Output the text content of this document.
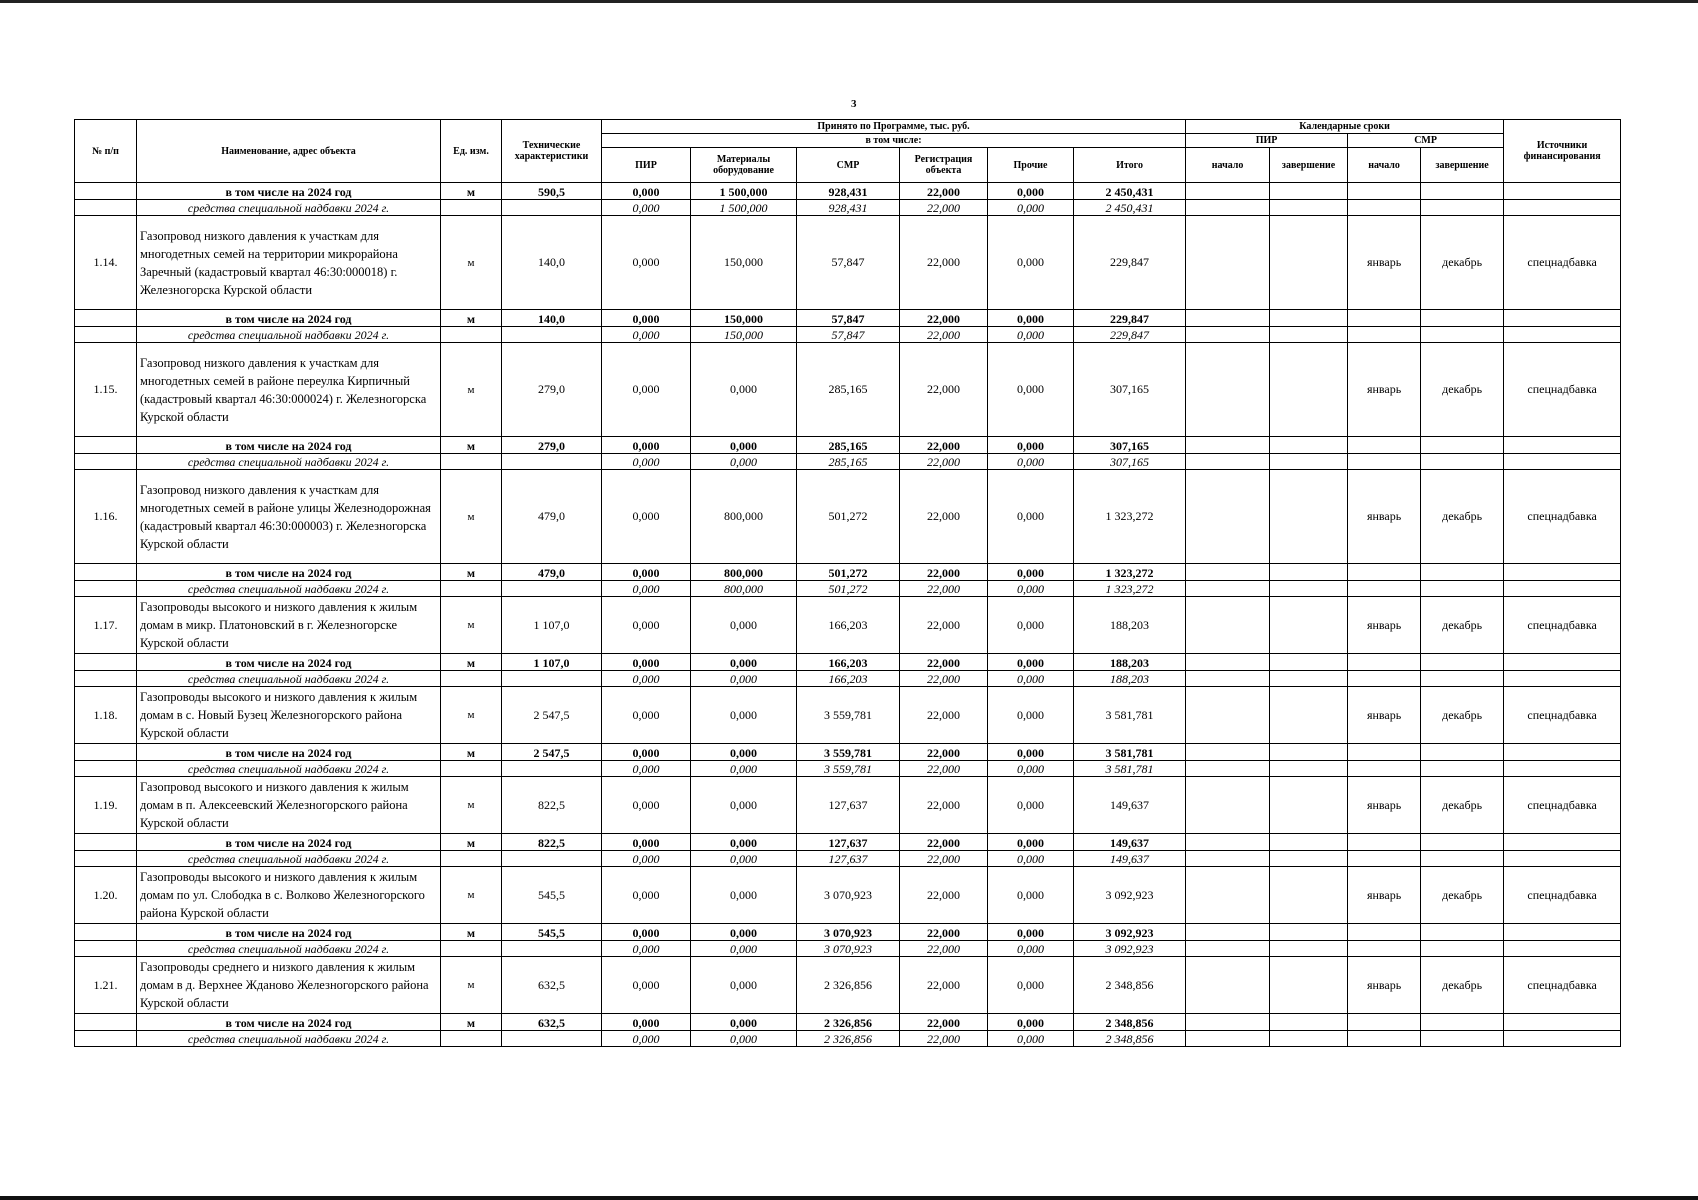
3
№ п/п	Наименование, адрес объекта	Ед. изм.	Технические характеристики	Принято по Программе, тыс. руб.						Календарные сроки				Источники финансирования
				в том числе:						ПИР		СМР		
				ПИР	Материалы оборудование	СМР	Регистрация объекта	Прочие	Итого	начало	завершение	начало	завершение	
	в том числе на 2024 год	м	590,5	0,000	1 500,000	928,431	22,000	0,000	2 450,431					
	средства специальной надбавки 2024 г.			0,000	1 500,000	928,431	22,000	0,000	2 450,431					
1.14.	Газопровод низкого давления к участкам для многодетных семей на территории микрорайона Заречный (кадастровый квартал 46:30:000018) г. Железногорска Курской области	м	140,0	0,000	150,000	57,847	22,000	0,000	229,847			январь	декабрь	спецнадбавка
	в том числе на 2024 год	м	140,0	0,000	150,000	57,847	22,000	0,000	229,847					
	средства специальной надбавки 2024 г.			0,000	150,000	57,847	22,000	0,000	229,847					
1.15.	Газопровод низкого давления к участкам для многодетных семей в районе переулка Кирпичный (кадастровый квартал 46:30:000024) г. Железногорска Курской области	м	279,0	0,000	0,000	285,165	22,000	0,000	307,165			январь	декабрь	спецнадбавка
	в том числе на 2024 год	м	279,0	0,000	0,000	285,165	22,000	0,000	307,165					
	средства специальной надбавки 2024 г.			0,000	0,000	285,165	22,000	0,000	307,165					
1.16.	Газопровод низкого давления к участкам для многодетных семей в районе улицы Железнодорожная (кадастровый квартал 46:30:000003) г. Железногорска Курской области	м	479,0	0,000	800,000	501,272	22,000	0,000	1 323,272			январь	декабрь	спецнадбавка
	в том числе на 2024 год	м	479,0	0,000	800,000	501,272	22,000	0,000	1 323,272					
	средства специальной надбавки 2024 г.			0,000	800,000	501,272	22,000	0,000	1 323,272					
1.17.	Газопроводы высокого и низкого давления к жилым домам в микр. Платоновский в г. Железногорске Курской области	м	1 107,0	0,000	0,000	166,203	22,000	0,000	188,203			январь	декабрь	спецнадбавка
	в том числе на 2024 год	м	1 107,0	0,000	0,000	166,203	22,000	0,000	188,203					
	средства специальной надбавки 2024 г.			0,000	0,000	166,203	22,000	0,000	188,203					
1.18.	Газопроводы высокого и низкого давления к жилым домам в с. Новый Бузец Железногорского района Курской области	м	2 547,5	0,000	0,000	3 559,781	22,000	0,000	3 581,781			январь	декабрь	спецнадбавка
	в том числе на 2024 год	м	2 547,5	0,000	0,000	3 559,781	22,000	0,000	3 581,781					
	средства специальной надбавки 2024 г.			0,000	0,000	3 559,781	22,000	0,000	3 581,781					
1.19.	Газопровод высокого и низкого давления к жилым домам в п. Алексеевский Железногорского района Курской области	м	822,5	0,000	0,000	127,637	22,000	0,000	149,637			январь	декабрь	спецнадбавка
	в том числе на 2024 год	м	822,5	0,000	0,000	127,637	22,000	0,000	149,637					
	средства специальной надбавки 2024 г.			0,000	0,000	127,637	22,000	0,000	149,637					
1.20.	Газопроводы высокого и низкого давления к жилым домам по ул. Слободка в с. Волково Железногорского района Курской области	м	545,5	0,000	0,000	3 070,923	22,000	0,000	3 092,923			январь	декабрь	спецнадбавка
	в том числе на 2024 год	м	545,5	0,000	0,000	3 070,923	22,000	0,000	3 092,923					
	средства специальной надбавки 2024 г.			0,000	0,000	3 070,923	22,000	0,000	3 092,923					
1.21.	Газопроводы среднего и низкого давления к жилым домам в д. Верхнее Жданово Железногорского района Курской области	м	632,5	0,000	0,000	2 326,856	22,000	0,000	2 348,856			январь	декабрь	спецнадбавка
	в том числе на 2024 год	м	632,5	0,000	0,000	2 326,856	22,000	0,000	2 348,856					
	средства специальной надбавки 2024 г.			0,000	0,000	2 326,856	22,000	0,000	2 348,856					
